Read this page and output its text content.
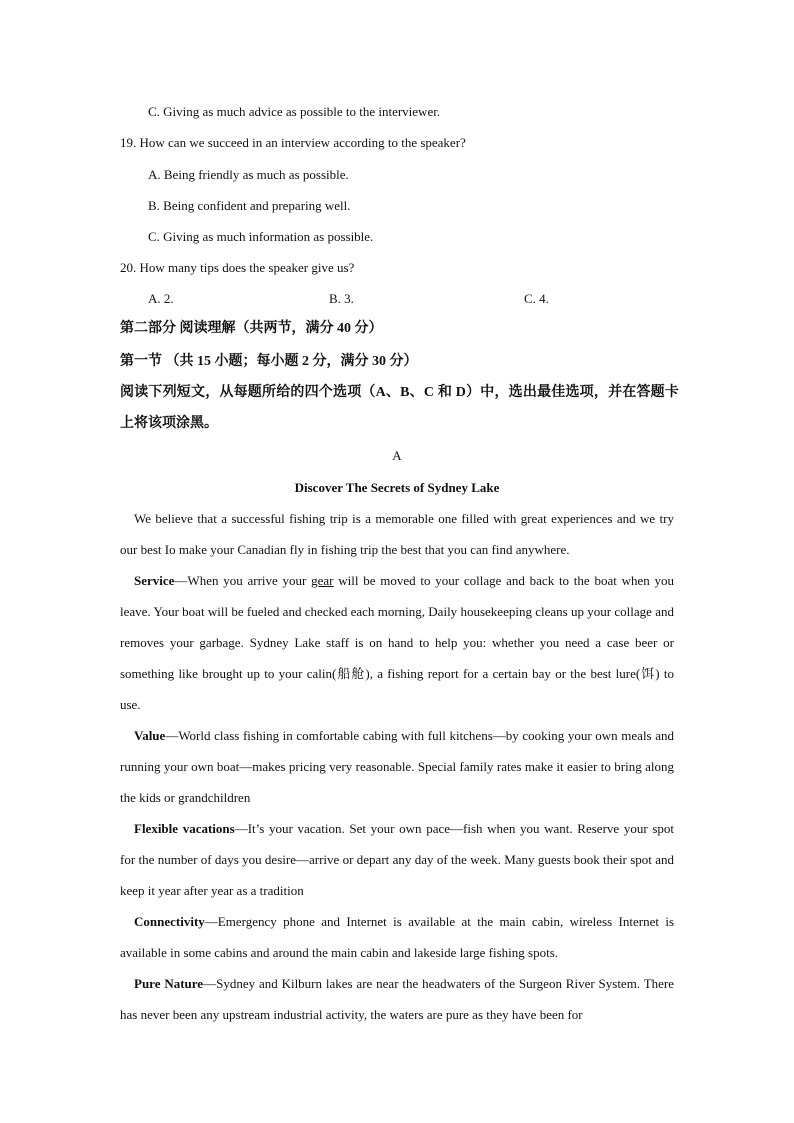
C. Giving as much advice as possible to the interviewer.
19. How can we succeed in an interview according to the speaker?
A. Being friendly as much as possible.
B. Being confident and preparing well.
C. Giving as much information as possible.
20. How many tips does the speaker give us?
A. 2.	B. 3.	C. 4.
第二部分 阅读理解（共两节，满分 40 分）
第一节 （共 15 小题；每小题 2 分，满分 30 分）
阅读下列短文，从每题所给的四个选项（A、B、C 和 D）中，选出最佳选项，并在答题卡
上将该项涂黑。
A
Discover The Secrets of Sydney Lake

We believe that a successful fishing trip is a memorable one filled with great experiences and we try our best Io make your Canadian fly in fishing trip the best that you can find anywhere.

Service—When you arrive your gear will be moved to your collage and back to the boat when you leave. Your boat will be fueled and checked each morning, Daily housekeeping cleans up your collage and removes your garbage. Sydney Lake staff is on hand to help you: whether you need a case beer or something like brought up to your calin(船舱), a fishing report for a certain bay or the best lure(饵) to use.

Value—World class fishing in comfortable cabing with full kitchens—by cooking your own meals and running your own boat—makes pricing very reasonable. Special family rates make it easier to bring along the kids or grandchildren

Flexible vacations—It’s your vacation. Set your own pace—fish when you want. Reserve your spot for the number of days you desire—arrive or depart any day of the week. Many guests book their spot and keep it year after year as a tradition

Connectivity—Emergency phone and Internet is available at the main cabin, wireless Internet is available in some cabins and around the main cabin and lakeside large fishing spots.

Pure Nature—Sydney and Kilburn lakes are near the headwaters of the Surgeon River System. There has never been any upstream industrial activity, the waters are pure as they have been for
